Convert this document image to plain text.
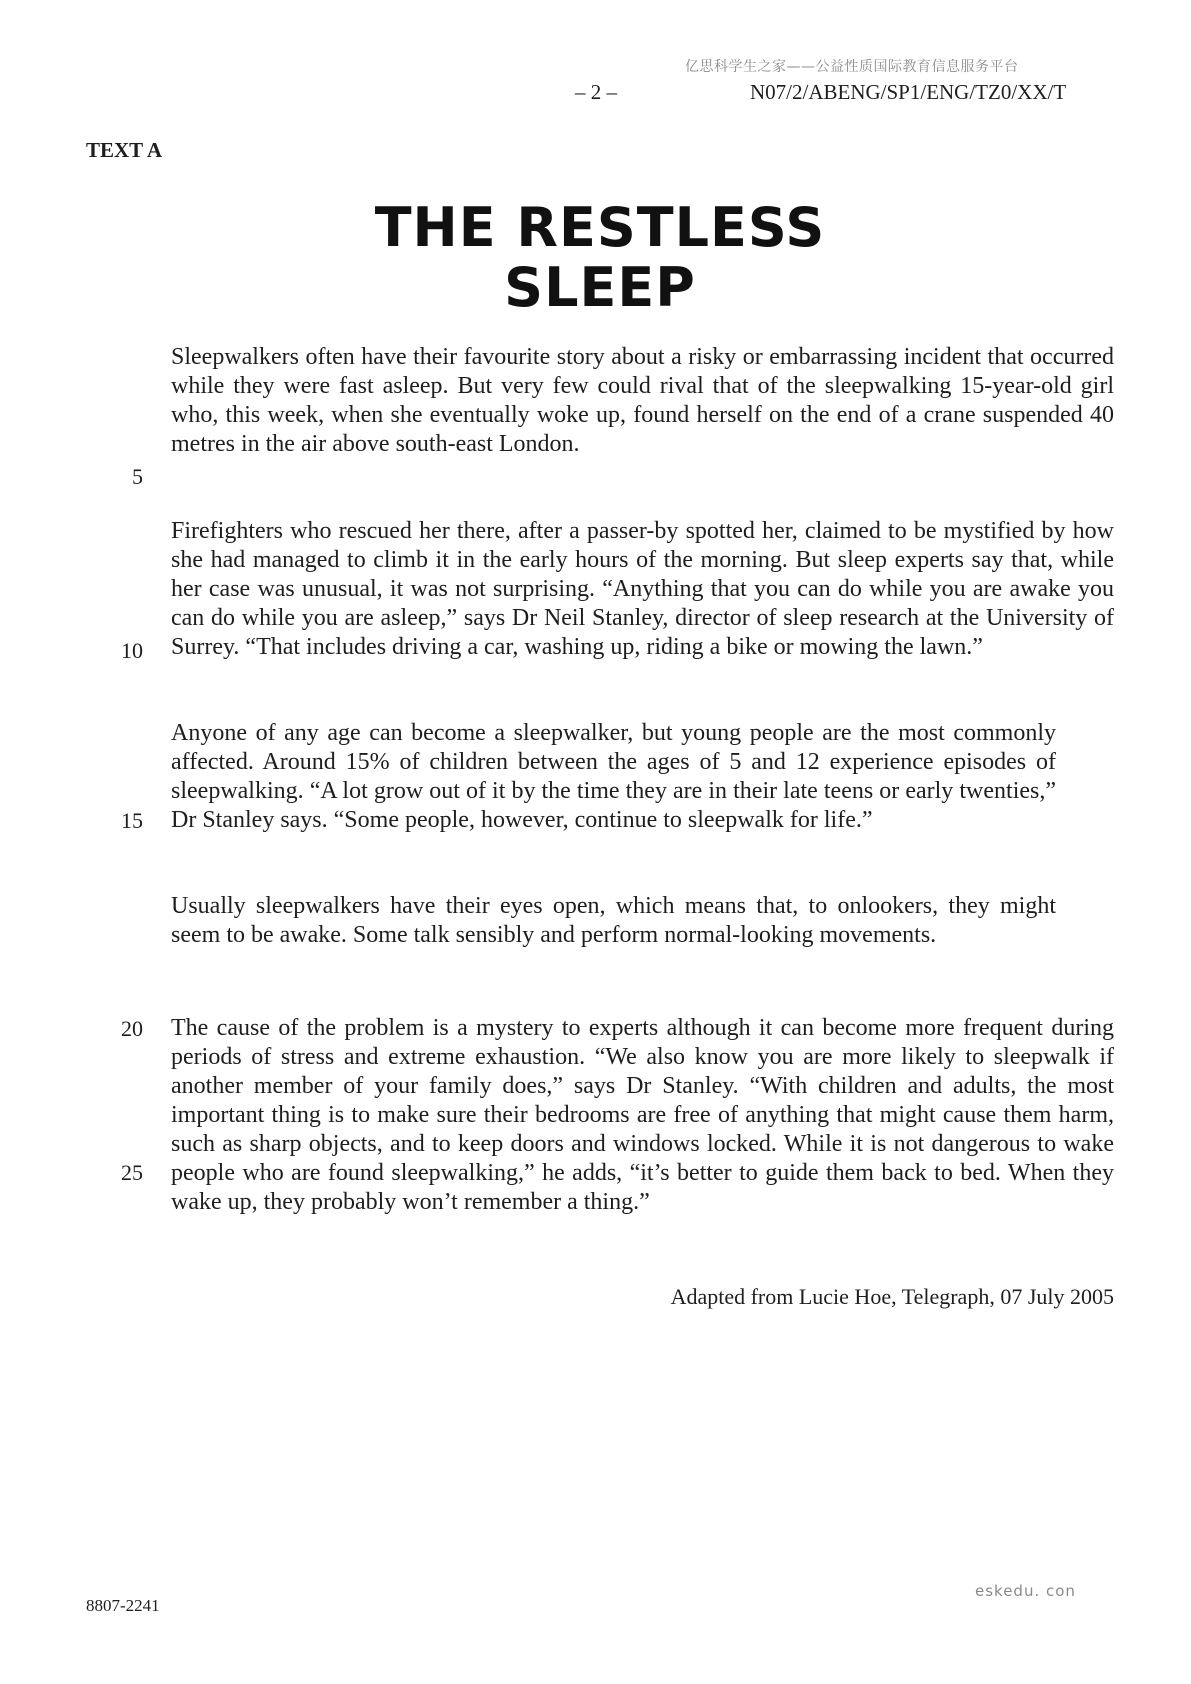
亿思科学生之家——公益性质国际教育信息服务平台
– 2 –	N07/2/ABENG/SP1/ENG/TZ0/XX/T
TEXT A
THE RESTLESS
SLEEP

Sleepwalkers often have their favourite story about a risky or embarrassing incident that occurred while they were fast asleep. But very few could rival that of the sleepwalking 15-year-old girl who, this week, when she eventually woke up, found herself on the end of a crane suspended 40 metres in the air above south-east London.

Firefighters who rescued her there, after a passer-by spotted her, claimed to be mystified by how she had managed to climb it in the early hours of the morning. But sleep experts say that, while her case was unusual, it was not surprising. “Anything that you can do while you are awake you can do while you are asleep,” says Dr Neil Stanley, director of sleep research at the University of Surrey. “That includes driving a car, washing up, riding a bike or mowing the lawn.”

Anyone of any age can become a sleepwalker, but young people are the most commonly affected. Around 15% of children between the ages of 5 and 12 experience episodes of sleepwalking. “A lot grow out of it by the time they are in their late teens or early twenties,” Dr Stanley says. “Some people, however, continue to sleepwalk for life.”

Usually sleepwalkers have their eyes open, which means that, to onlookers, they might seem to be awake. Some talk sensibly and perform normal-looking movements.

The cause of the problem is a mystery to experts although it can become more frequent during periods of stress and extreme exhaustion. “We also know you are more likely to sleepwalk if another member of your family does,” says Dr Stanley. “With children and adults, the most important thing is to make sure their bedrooms are free of anything that might cause them harm, such as sharp objects, and to keep doors and windows locked. While it is not dangerous to wake people who are found sleepwalking,” he adds, “it’s better to guide them back to bed. When they wake up, they probably won’t remember a thing.”

5
10
15
20
25
Adapted from Lucie Hoe, Telegraph, 07 July 2005
8807-2241
eskedu. con
